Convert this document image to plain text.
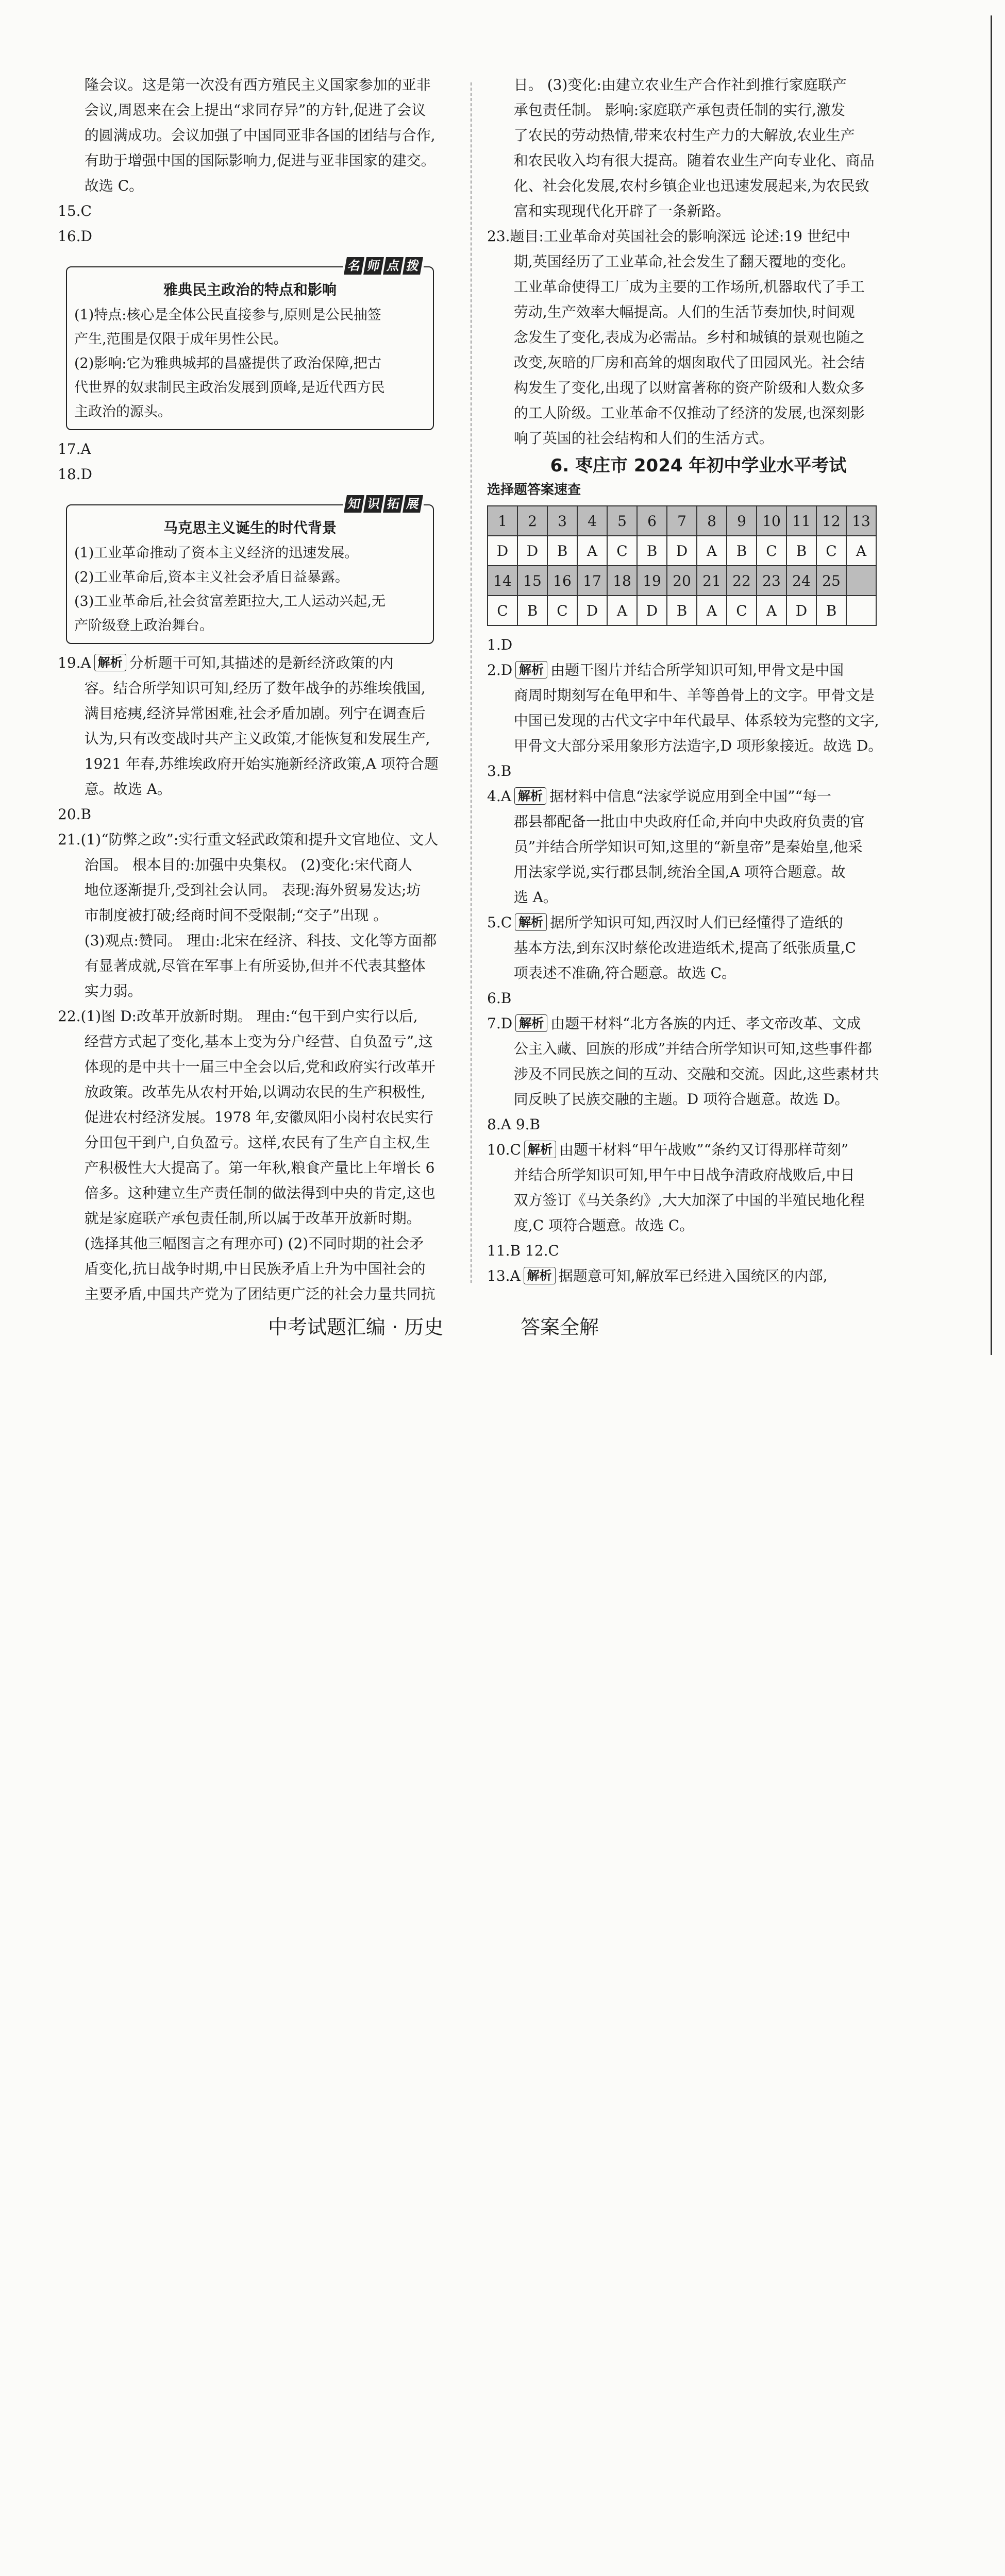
隆会议。这是第一次没有西方殖民主义国家参加的亚非
会议,周恩来在会上提出“求同存异”的方针,促进了会议
的圆满成功。会议加强了中国同亚非各国的团结与合作,
有助于增强中国的国际影响力,促进与亚非国家的建交。
故选 C。
15.C
16.D
名 师 点 拨
雅典民主政治的特点和影响
(1)特点:核心是全体公民直接参与,原则是公民抽签
产生,范围是仅限于成年男性公民。
(2)影响:它为雅典城邦的昌盛提供了政治保障,把古
代世界的奴隶制民主政治发展到顶峰,是近代西方民
主政治的源头。
17.A
18.D
知 识 拓 展
马克思主义诞生的时代背景
(1)工业革命推动了资本主义经济的迅速发展。
(2)工业革命后,资本主义社会矛盾日益暴露。
(3)工业革命后,社会贫富差距拉大,工人运动兴起,无
产阶级登上政治舞台。
19.A 解析 分析题干可知,其描述的是新经济政策的内
容。结合所学知识可知,经历了数年战争的苏维埃俄国,
满目疮痍,经济异常困难,社会矛盾加剧。列宁在调查后
认为,只有改变战时共产主义政策,才能恢复和发展生产,
1921 年春,苏维埃政府开始实施新经济政策,A 项符合题
意。故选 A。
20.B
21.(1)“防弊之政”:实行重文轻武政策和提升文官地位、文人
治国。 根本目的:加强中央集权。 (2)变化:宋代商人
地位逐渐提升,受到社会认同。 表现:海外贸易发达;坊
市制度被打破;经商时间不受限制;“交子”出现 。
(3)观点:赞同。 理由:北宋在经济、科技、文化等方面都
有显著成就,尽管在军事上有所妥协,但并不代表其整体
实力弱。
22.(1)图 D:改革开放新时期。 理由:“包干到户实行以后,
经营方式起了变化,基本上变为分户经营、自负盈亏”,这
体现的是中共十一届三中全会以后,党和政府实行改革开
放政策。改革先从农村开始,以调动农民的生产积极性,
促进农村经济发展。1978 年,安徽凤阳小岗村农民实行
分田包干到户,自负盈亏。这样,农民有了生产自主权,生
产积极性大大提高了。第一年秋,粮食产量比上年增长 6
倍多。这种建立生产责任制的做法得到中央的肯定,这也
就是家庭联产承包责任制,所以属于改革开放新时期。
(选择其他三幅图言之有理亦可) (2)不同时期的社会矛
盾变化,抗日战争时期,中日民族矛盾上升为中国社会的
主要矛盾,中国共产党为了团结更广泛的社会力量共同抗
日。 (3)变化:由建立农业生产合作社到推行家庭联产
承包责任制。 影响:家庭联产承包责任制的实行,激发
了农民的劳动热情,带来农村生产力的大解放,农业生产
和农民收入均有很大提高。随着农业生产向专业化、商品
化、社会化发展,农村乡镇企业也迅速发展起来,为农民致
富和实现现代化开辟了一条新路。
23.题目:工业革命对英国社会的影响深远 论述:19 世纪中
期,英国经历了工业革命,社会发生了翻天覆地的变化。
工业革命使得工厂成为主要的工作场所,机器取代了手工
劳动,生产效率大幅提高。人们的生活节奏加快,时间观
念发生了变化,表成为必需品。乡村和城镇的景观也随之
改变,灰暗的厂房和高耸的烟囱取代了田园风光。社会结
构发生了变化,出现了以财富著称的资产阶级和人数众多
的工人阶级。工业革命不仅推动了经济的发展,也深刻影
响了英国的社会结构和人们的生活方式。
6. 枣庄市 2024 年初中学业水平考试
选择题答案速查
1	2	3	4	5	6	7	8	9	10	11	12	13
D	D	B	A	C	B	D	A	B	C	B	C	A
14	15	16	17	18	19	20	21	22	23	24	25	
C	B	C	D	A	D	B	A	C	A	D	B	
1.D
2.D 解析 由题干图片并结合所学知识可知,甲骨文是中国
商周时期刻写在龟甲和牛、羊等兽骨上的文字。甲骨文是
中国已发现的古代文字中年代最早、体系较为完整的文字,
甲骨文大部分采用象形方法造字,D 项形象接近。故选 D。
3.B
4.A 解析 据材料中信息“法家学说应用到全中国”“每一
郡县都配备一批由中央政府任命,并向中央政府负责的官
员”并结合所学知识可知,这里的“新皇帝”是秦始皇,他采
用法家学说,实行郡县制,统治全国,A 项符合题意。故
选 A。
5.C 解析 据所学知识可知,西汉时人们已经懂得了造纸的
基本方法,到东汉时蔡伦改进造纸术,提高了纸张质量,C
项表述不准确,符合题意。故选 C。
6.B
7.D 解析 由题干材料“北方各族的内迁、孝文帝改革、文成
公主入藏、回族的形成”并结合所学知识可知,这些事件都
涉及不同民族之间的互动、交融和交流。因此,这些素材共
同反映了民族交融的主题。D 项符合题意。故选 D。
8.A 9.B
10.C 解析 由题干材料“甲午战败”“条约又订得那样苛刻”
并结合所学知识可知,甲午中日战争清政府战败后,中日
双方签订《马关条约》,大大加深了中国的半殖民地化程
度,C 项符合题意。故选 C。
11.B 12.C
13.A 解析 据题意可知,解放军已经进入国统区的内部,
中考试题汇编 · 历史	答案全解
